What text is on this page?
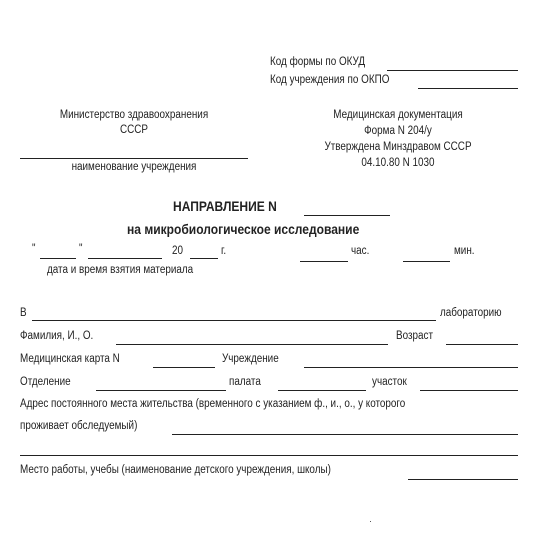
Код формы по ОКУД
Код учреждения по ОКПО
Министерство здравоохранения
СССР
наименование учреждения
Медицинская документация
Форма N 204/у
Утверждена Минздравом СССР
04.10.80 N 1030
НАПРАВЛЕНИЕ N
на микробиологическое исследование
"	"	20	г.	час.	мин.
дата и время взятия материала
В	лабораторию
Фамилия, И., О.	Возраст
Медицинская карта N	Учреждение
Отделение	палата	участок
Адрес постоянного места жительства (временного с указанием ф., и., о., у которого
проживает обследуемый)
Место работы, учебы (наименование детского учреждения, школы)
